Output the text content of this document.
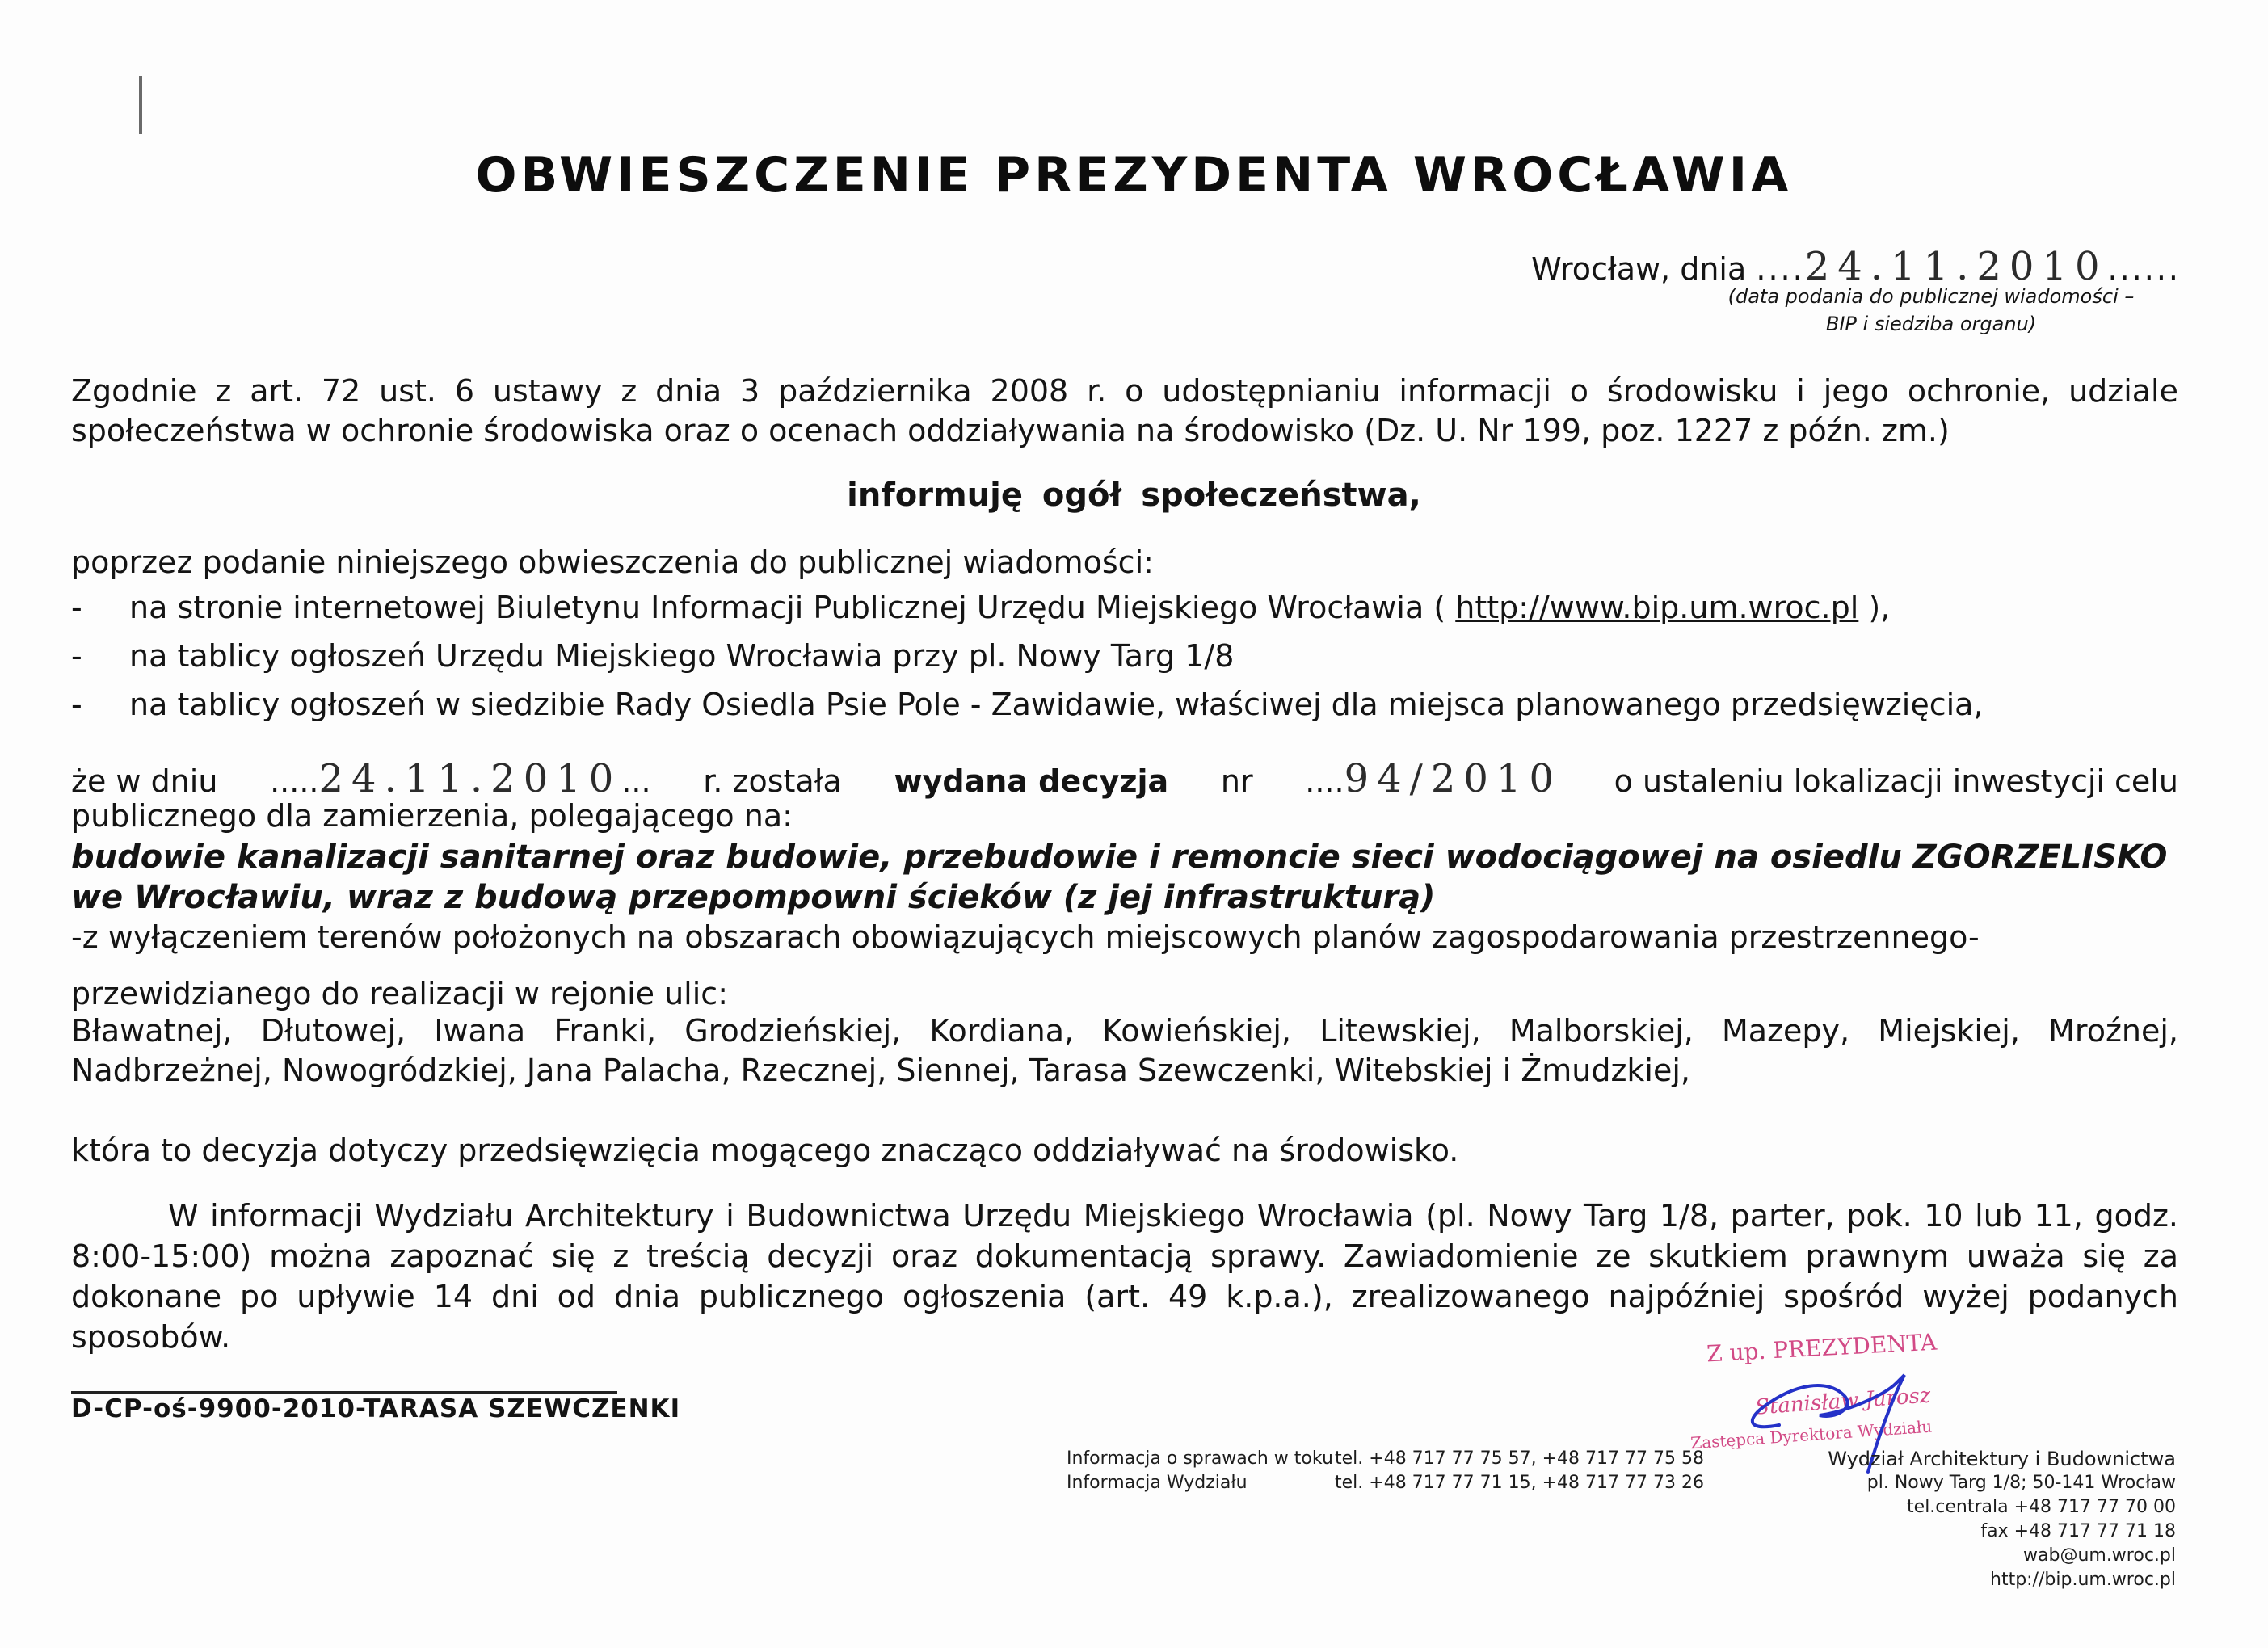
OBWIESZCZENIE PREZYDENTA WROCŁAWIA
Wrocław, dnia ....24.11.2010......
(data podania do publicznej wiadomości –
BIP i siedziba organu)
Zgodnie z art. 72 ust. 6 ustawy z dnia 3 października 2008 r. o udostępnianiu informacji o środowisku i jego ochronie, udziale społeczeństwa w ochronie środowiska oraz o ocenach oddziaływania na środowisko (Dz. U. Nr 199, poz. 1227 z późn. zm.)
informuję ogół społeczeństwa,
poprzez podanie niniejszego obwieszczenia do publicznej wiadomości:
- na stronie internetowej Biuletynu Informacji Publicznej Urzędu Miejskiego Wrocławia ( http://www.bip.um.wroc.pl ),
- na tablicy ogłoszeń Urzędu Miejskiego Wrocławia przy pl. Nowy Targ 1/8
- na tablicy ogłoszeń w siedzibie Rady Osiedla Psie Pole - Zawidawie, właściwej dla miejsca planowanego przedsięwzięcia,
że w dniu .....24.11.2010... r. została wydana decyzja nr ....94/2010 o ustaleniu lokalizacji inwestycji celu
publicznego dla zamierzenia, polegającego na:
budowie kanalizacji sanitarnej oraz budowie, przebudowie i remoncie sieci wodociągowej na osiedlu ZGORZELISKO we Wrocławiu, wraz z budową przepompowni ścieków (z jej infrastrukturą)
-z wyłączeniem terenów położonych na obszarach obowiązujących miejscowych planów zagospodarowania przestrzennego-
przewidzianego do realizacji w rejonie ulic:
Bławatnej, Dłutowej, Iwana Franki, Grodzieńskiej, Kordiana, Kowieńskiej, Litewskiej, Malborskiej, Mazepy, Miejskiej, Mroźnej, Nadbrzeżnej, Nowogródzkiej, Jana Palacha, Rzecznej, Siennej, Tarasa Szewczenki, Witebskiej i Żmudzkiej,
która to decyzja dotyczy przedsięwzięcia mogącego znacząco oddziaływać na środowisko.
W informacji Wydziału Architektury i Budownictwa Urzędu Miejskiego Wrocławia (pl. Nowy Targ 1/8, parter, pok. 10 lub 11, godz. 8:00-15:00) można zapoznać się z treścią decyzji oraz dokumentacją sprawy. Zawiadomienie ze skutkiem prawnym uważa się za dokonane po upływie 14 dni od dnia publicznego ogłoszenia (art. 49 k.p.a.), zrealizowanego najpóźniej spośród wyżej podanych sposobów.
D-CP-oś-9900-2010-TARASA SZEWCZENKI
Z up. PREZYDENTA
Stanisław Jarosz
Zastępca Dyrektora Wydziału
Informacja o sprawach w toku
Informacja Wydziału
tel. +48 717 77 75 57, +48 717 77 75 58
tel. +48 717 77 71 15, +48 717 77 73 26
Wydział Architektury i Budownictwa
pl. Nowy Targ 1/8; 50-141 Wrocław
tel.centrala +48 717 77 70 00
fax +48 717 77 71 18
wab@um.wroc.pl
http://bip.um.wroc.pl
